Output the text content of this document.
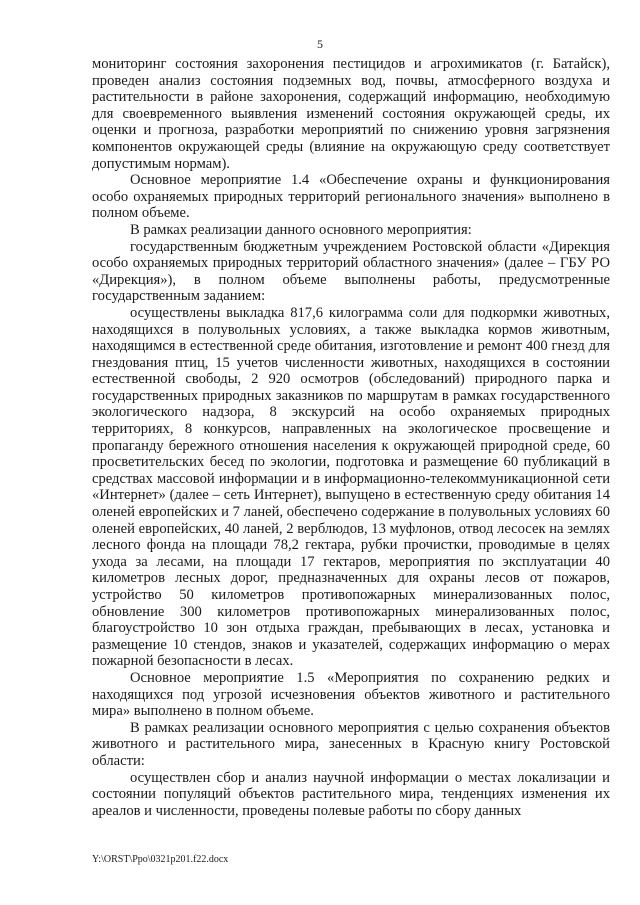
5

мониторинг состояния захоронения пестицидов и агрохимикатов (г. Батайск), проведен анализ состояния подземных вод, почвы, атмосферного воздуха и растительности в районе захоронения, содержащий информацию, необходимую для своевременного выявления изменений состояния окружающей среды, их оценки и прогноза, разработки мероприятий по снижению уровня загрязнения компонентов окружающей среды (влияние на окружающую среду соответствует допустимым нормам).

Основное мероприятие 1.4 «Обеспечение охраны и функционирования особо охраняемых природных территорий регионального значения» выполнено в полном объеме.

В рамках реализации данного основного мероприятия:

государственным бюджетным учреждением Ростовской области «Дирекция особо охраняемых природных территорий областного значения» (далее – ГБУ РО «Дирекция»), в полном объеме выполнены работы, предусмотренные государственным заданием:

осуществлены выкладка 817,6 килограмма соли для подкормки животных, находящихся в полувольных условиях, а также выкладка кормов животным, находящимся в естественной среде обитания, изготовление и ремонт 400 гнезд для гнездования птиц, 15 учетов численности животных, находящихся в состоянии естественной свободы, 2 920 осмотров (обследований) природного парка и государственных природных заказников по маршрутам в рамках государственного экологического надзора, 8 экскурсий на особо охраняемых природных территориях, 8 конкурсов, направленных на экологическое просвещение и пропаганду бережного отношения населения к окружающей природной среде, 60 просветительских бесед по экологии, подготовка и размещение 60 публикаций в средствах массовой информации и в информационно-телекоммуникационной сети «Интернет» (далее – сеть Интернет), выпущено в естественную среду обитания 14 оленей европейских и 7 ланей, обеспечено содержание в полувольных условиях 60 оленей европейских, 40 ланей, 2 верблюдов, 13 муфлонов, отвод лесосек на землях лесного фонда на площади 78,2 гектара, рубки прочистки, проводимые в целях ухода за лесами, на площади 17 гектаров, мероприятия по эксплуатации 40 километров лесных дорог, предназначенных для охраны лесов от пожаров, устройство 50 километров противопожарных минерализованных полос, обновление 300 километров противопожарных минерализованных полос, благоустройство 10 зон отдыха граждан, пребывающих в лесах, установка и размещение 10 стендов, знаков и указателей, содержащих информацию о мерах пожарной безопасности в лесах.

Основное мероприятие 1.5 «Мероприятия по сохранению редких и находящихся под угрозой исчезновения объектов животного и растительного мира» выполнено в полном объеме.

В рамках реализации основного мероприятия с целью сохранения объектов животного и растительного мира, занесенных в Красную книгу Ростовской области:

осуществлен сбор и анализ научной информации о местах локализации и состоянии популяций объектов растительного мира, тенденциях изменения их ареалов и численности, проведены полевые работы по сбору данных

Y:\ORST\Ppo\0321p201.f22.docx
